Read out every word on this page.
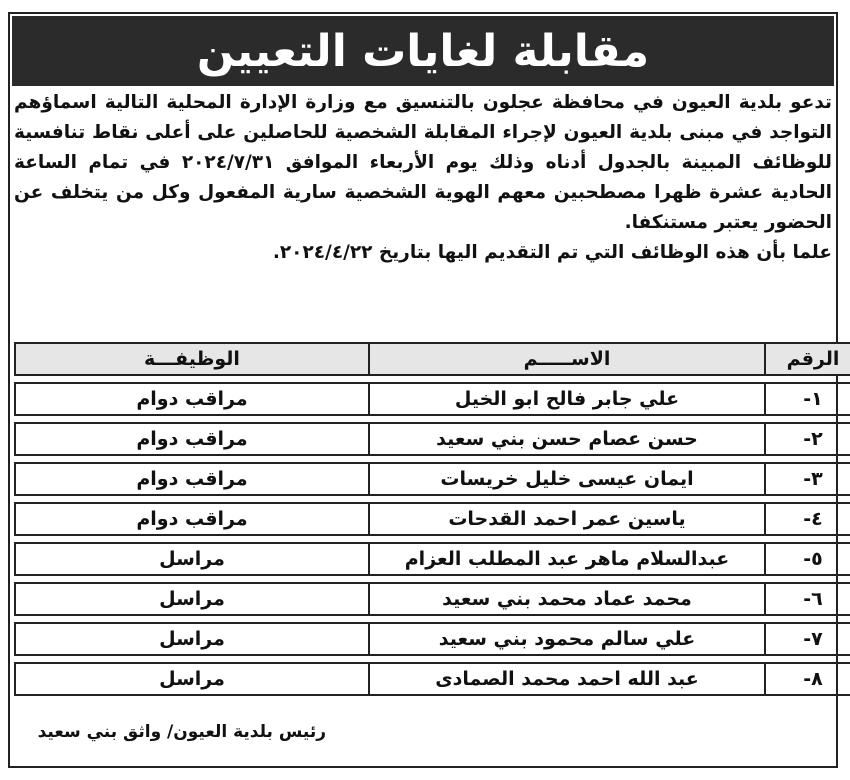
مقابلة لغايات التعيين

تدعو بلدية العيون في محافظة عجلون بالتنسيق مع وزارة الإدارة المحلية التالية اسماؤهم التواجد في مبنى بلدية العيون لإجراء المقابلة الشخصية للحاصلين على أعلى نقاط تنافسية للوظائف المبينة بالجدول أدناه وذلك يوم الأربعاء الموافق ٢٠٢٤/٧/٣١ في تمام الساعة الحادية عشرة ظهرا مصطحبين معهم الهوية الشخصية سارية المفعول وكل من يتخلف عن الحضور يعتبر مستنكفا.

علما بأن هذه الوظائف التي تم التقديم اليها بتاريخ ٢٠٢٤/٤/٢٢.

الرقم	الاســـــم	الوظيفـــة
١-	علي جابر فالح ابو الخيل	مراقب دوام
٢-	حسن عصام حسن بني سعيد	مراقب دوام
٣-	ايمان عيسى خليل خريسات	مراقب دوام
٤-	ياسين عمر احمد القدحات	مراقب دوام
٥-	عبدالسلام ماهر عبد المطلب العزام	مراسل
٦-	محمد عماد محمد بني سعيد	مراسل
٧-	علي سالم محمود بني سعيد	مراسل
٨-	عبد الله احمد محمد الصمادى	مراسل
رئيس بلدية العيون/ واثق بني سعيد
